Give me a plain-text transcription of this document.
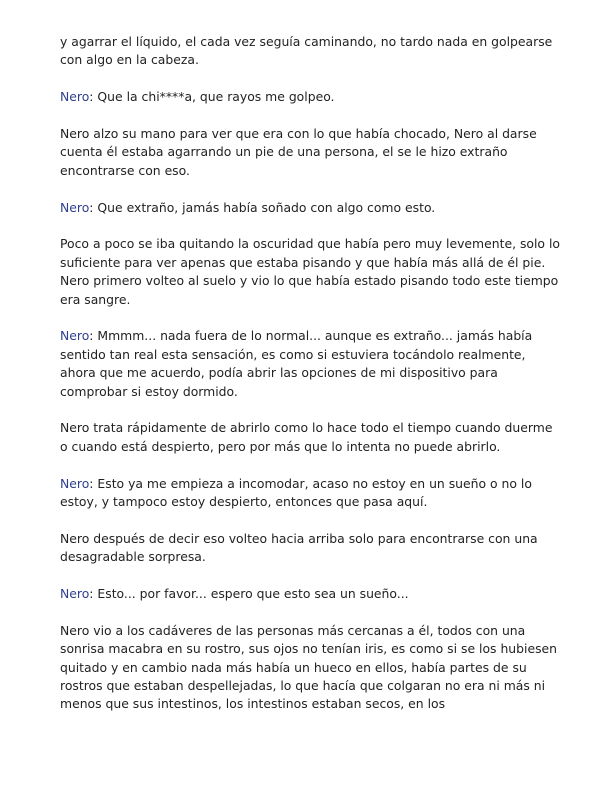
y agarrar el líquido, el cada vez seguía caminando, no tardo nada en golpearse con algo en la cabeza.

Nero: Que la chi****a, que rayos me golpeo.

Nero alzo su mano para ver que era con lo que había chocado, Nero al darse cuenta él estaba agarrando un pie de una persona, el se le hizo extraño encontrarse con eso.

Nero: Que extraño, jamás había soñado con algo como esto.

Poco a poco se iba quitando la oscuridad que había pero muy levemente, solo lo suficiente para ver apenas que estaba pisando y que había más allá de él pie. Nero primero volteo al suelo y vio lo que había estado pisando todo este tiempo era sangre.

Nero: Mmmm... nada fuera de lo normal... aunque es extraño... jamás había sentido tan real esta sensación, es como si estuviera tocándolo realmente, ahora que me acuerdo, podía abrir las opciones de mi dispositivo para comprobar si estoy dormido.

Nero trata rápidamente de abrirlo como lo hace todo el tiempo cuando duerme o cuando está despierto, pero por más que lo intenta no puede abrirlo.

Nero: Esto ya me empieza a incomodar, acaso no estoy en un sueño o no lo estoy, y tampoco estoy despierto, entonces que pasa aquí.

Nero después de decir eso volteo hacia arriba solo para encontrarse con una desagradable sorpresa.

Nero: Esto... por favor... espero que esto sea un sueño...

Nero vio a los cadáveres de las personas más cercanas a él, todos con una sonrisa macabra en su rostro, sus ojos no tenían iris, es como si se los hubiesen quitado y en cambio nada más había un hueco en ellos, había partes de su rostros que estaban despellejadas, lo que hacía que colgaran no era ni más ni menos que sus intestinos, los intestinos estaban secos, en los
